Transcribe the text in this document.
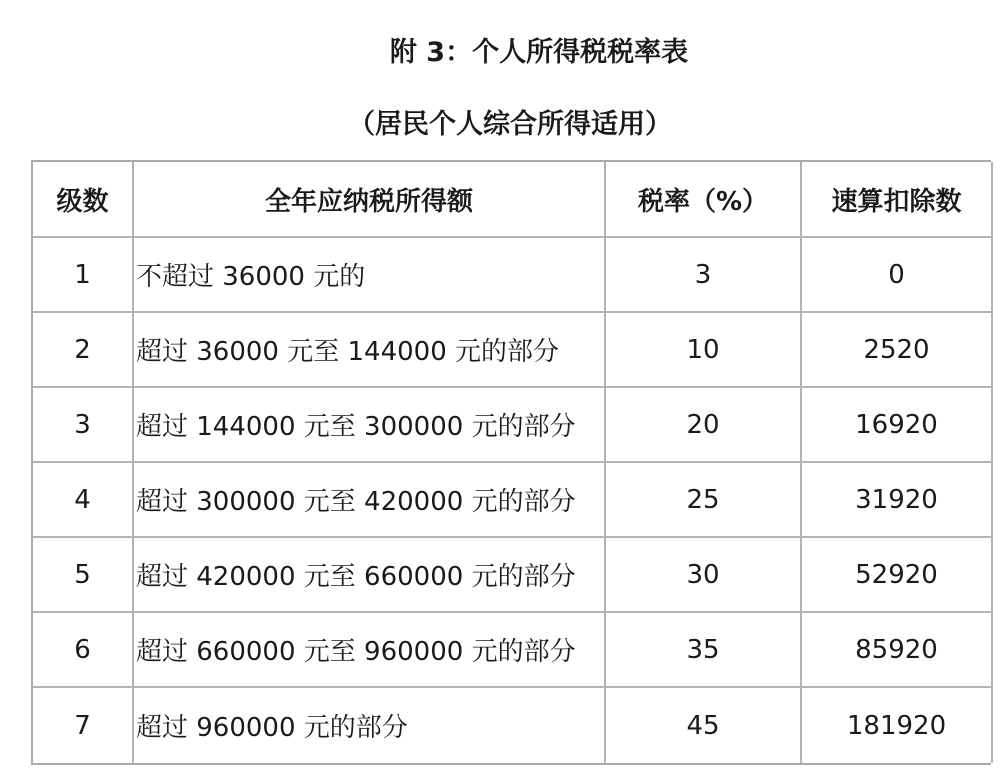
附 3：个人所得税税率表
（居民个人综合所得适用）
级数	全年应纳税所得额	税率（%）	速算扣除数
1	不超过 36000 元的	3	0
2	超过 36000 元至 144000 元的部分	10	2520
3	超过 144000 元至 300000 元的部分	20	16920
4	超过 300000 元至 420000 元的部分	25	31920
5	超过 420000 元至 660000 元的部分	30	52920
6	超过 660000 元至 960000 元的部分	35	85920
7	超过 960000 元的部分	45	181920
